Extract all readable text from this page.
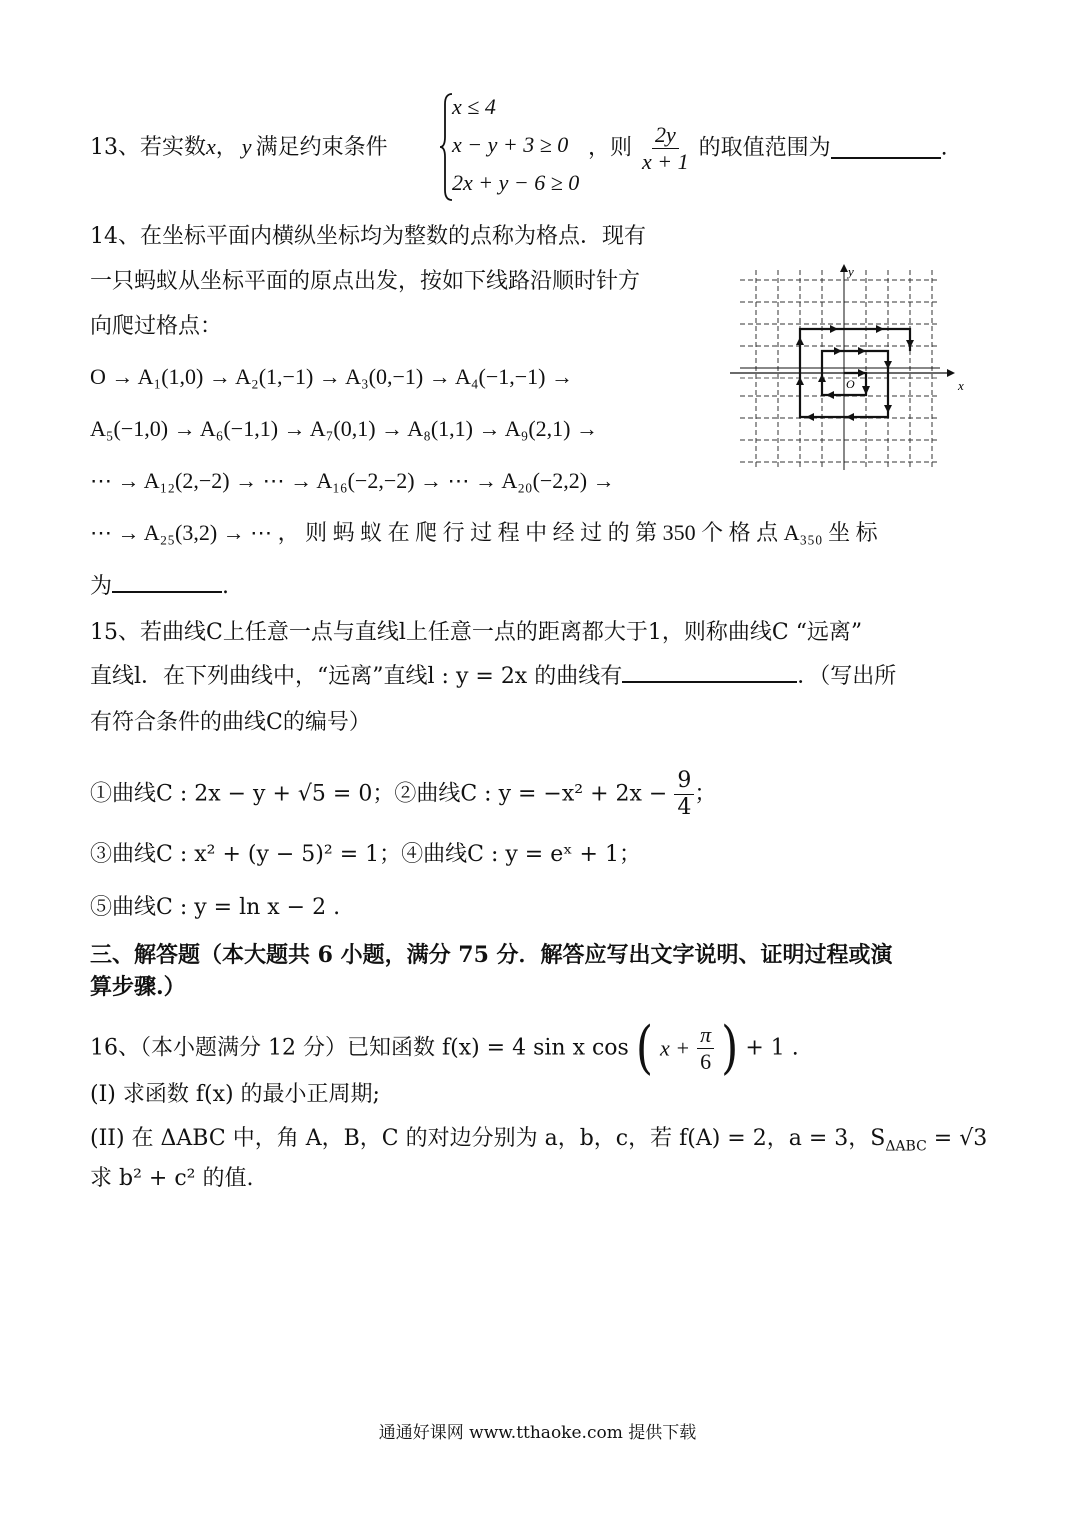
13、若实数x， y 满足约束条件
x ≤ 4
x − y + 3 ≥ 0
2x + y − 6 ≥ 0
，则 $\frac{2y}{x + 1}$ 的取值范围为	.
14、在坐标平面内横纵坐标均为整数的点称为格点．现有
一只蚂蚁从坐标平面的原点出发，按如下线路沿顺时针方
向爬过格点：
O → A₁(1,0) → A₂(1,−1) → A₃(0,−1) → A₄(−1,−1) →
A₅(−1,0) → A₆(−1,1) → A₇(0,1) → A₈(1,1) → A₉(2,1) →
⋯ → A₁₂(2,−2) → ⋯ → A₁₆(−2,−2) → ⋯ → A₂₀(−2,2) →
⋯ → A₂₅(3,2) → ⋯ ， 则 蚂 蚁 在 爬 行 过 程 中 经 过 的 第 350 个 格 点 A₃₅₀ 坐 标
为	.
y
x
O
15、若曲线C上任意一点与直线l上任意一点的距离都大于1，则称曲线C “远离”
直线l．在下列曲线中，“远离”直线l : y = 2x 的曲线有	．（写出所
有符合条件的曲线C的编号）
①曲线C : 2x − y + √5 = 0；②曲线C : $y = -x^2 + 2x - \frac{9}{4}$ ；
③曲线C : x² + (y − 5)² = 1；④曲线C : y = eˣ + 1；
⑤曲线C : y = ln x − 2 .
三、解答题（本大题共 6 小题，满分 75 分．解答应写出文字说明、证明过程或演
算步骤.）
16、（本小题满分 12 分）已知函数 f(x) = 4 sin x cos ( $x + \frac{\pi}{6}$ ) + 1 .
(I) 求函数 f(x) 的最小正周期;
(II) 在 ΔABC 中，角 A，B，C 的对边分别为 a，b，c，若 f(A) = 2，a = 3，$S_{\Delta ABC} = √3$
求 b² + c² 的值.
通通好课网 www.tthaoke.com 提供下载
